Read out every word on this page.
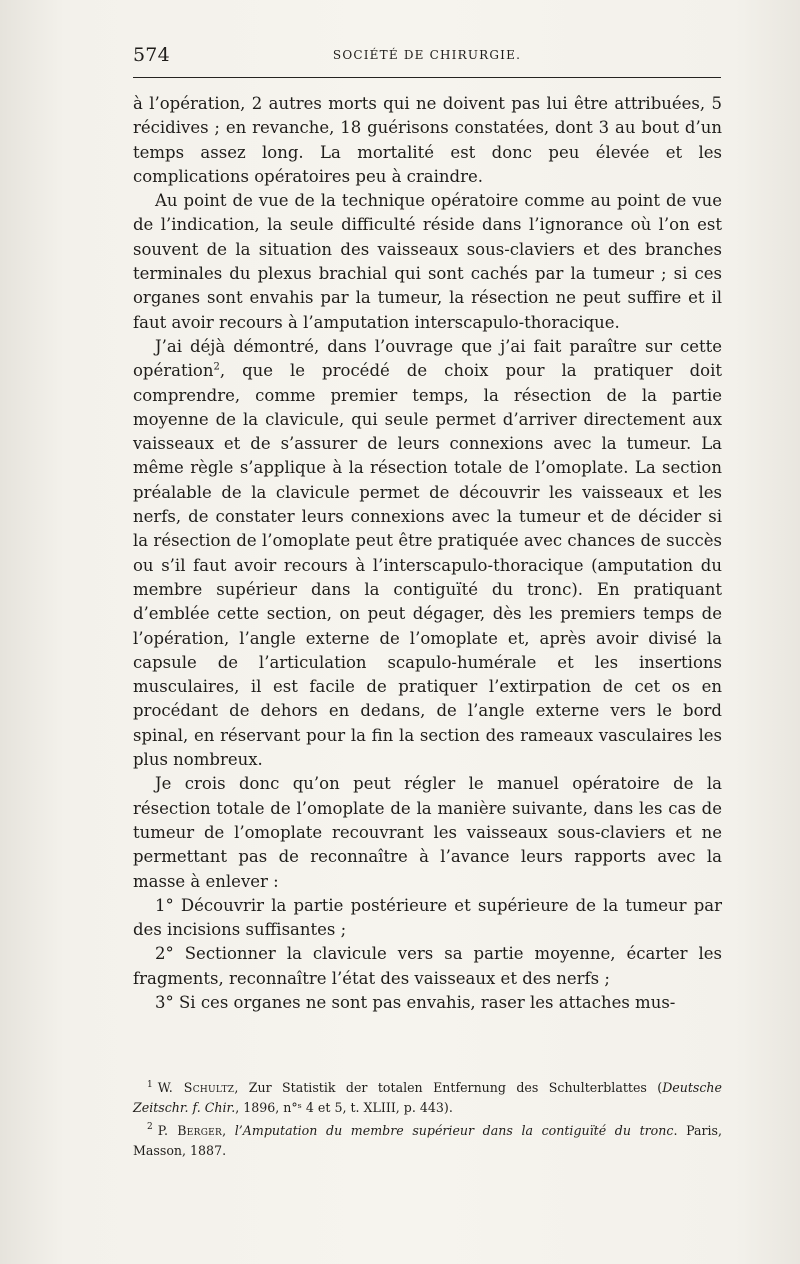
574	SOCIÉTÉ DE CHIRURGIE.

à l’opération, 2 autres morts qui ne doivent pas lui être attribuées, 5 récidives ; en revanche, 18 guérisons constatées, dont 3 au bout d’un temps assez long. La mortalité est donc peu élevée et les complications opératoires peu à craindre.

Au point de vue de la technique opératoire comme au point de vue de l’indication, la seule difficulté réside dans l’ignorance où l’on est souvent de la situation des vaisseaux sous-claviers et des branches terminales du plexus brachial qui sont cachés par la tumeur ; si ces organes sont envahis par la tumeur, la résection ne peut suffire et il faut avoir recours à l’amputation interscapulo-thoracique.

J’ai déjà démontré, dans l’ouvrage que j’ai fait paraître sur cette opération$^2$, que le procédé de choix pour la pratiquer doit comprendre, comme premier temps, la résection de la partie moyenne de la clavicule, qui seule permet d’arriver directement aux vaisseaux et de s’assurer de leurs connexions avec la tumeur. La même règle s’applique à la résection totale de l’omoplate. La section préalable de la clavicule permet de découvrir les vaisseaux et les nerfs, de constater leurs connexions avec la tumeur et de décider si la résection de l’omoplate peut être pratiquée avec chances de succès ou s’il faut avoir recours à l’interscapulo-thoracique (amputation du membre supérieur dans la contiguïté du tronc). En pratiquant d’emblée cette section, on peut dégager, dès les premiers temps de l’opération, l’angle externe de l’omoplate et, après avoir divisé la capsule de l’articulation scapulo-humérale et les insertions musculaires, il est facile de pratiquer l’extirpation de cet os en procédant de dehors en dedans, de l’angle externe vers le bord spinal, en réservant pour la fin la section des rameaux vasculaires les plus nombreux.

Je crois donc qu’on peut régler le manuel opératoire de la résection totale de l’omoplate de la manière suivante, dans les cas de tumeur de l’omoplate recouvrant les vaisseaux sous-claviers et ne permettant pas de reconnaître à l’avance leurs rapports avec la masse à enlever :

1° Découvrir la partie postérieure et supérieure de la tumeur par des incisions suffisantes ;

2° Sectionner la clavicule vers sa partie moyenne, écarter les fragments, reconnaître l’état des vaisseaux et des nerfs ;

3° Si ces organes ne sont pas envahis, raser les attaches mus-

$^1$ W. Schultz, Zur Statistik der totalen Entfernung des Schulterblattes (Deutsche Zeitschr. f. Chir., 1896, n°ˢ 4 et 5, t. XLIII, p. 443).

$^2$ P. Berger, l’Amputation du membre supérieur dans la contiguïté du tronc. Paris, Masson, 1887.
